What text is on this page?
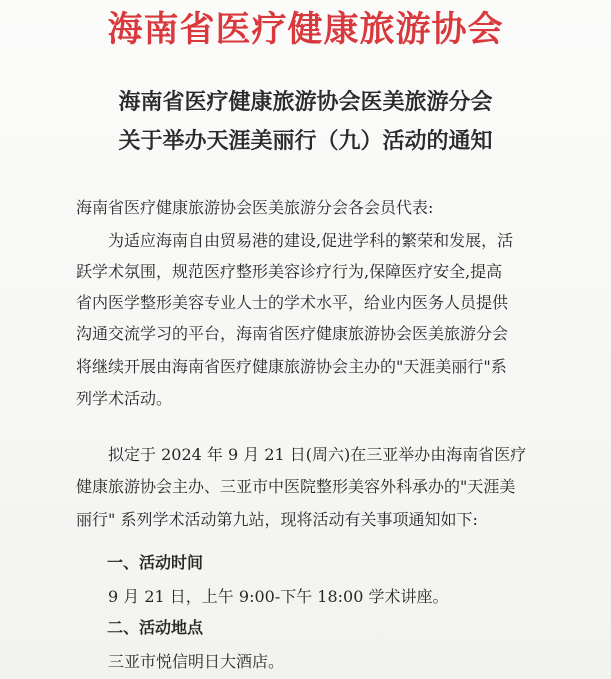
海南省医疗健康旅游协会
海南省医疗健康旅游协会医美旅游分会
关于举办天涯美丽行（九）活动的通知
海南省医疗健康旅游协会医美旅游分会各会员代表:
为适应海南自由贸易港的建设,促进学科的繁荣和发展，活
跃学术氛围，规范医疗整形美容诊疗行为,保障医疗安全,提高
省内医学整形美容专业人士的学术水平，给业内医务人员提供
沟通交流学习的平台，海南省医疗健康旅游协会医美旅游分会
将继续开展由海南省医疗健康旅游协会主办的"天涯美丽行"系
列学术活动。
拟定于 2024 年 9 月 21 日(周六)在三亚举办由海南省医疗
健康旅游协会主办、三亚市中医院整形美容外科承办的"天涯美
丽行" 系列学术活动第九站，现将活动有关事项通知如下:
一、活动时间
9 月 21 日，上午 9:00-下午 18:00 学术讲座。
二、活动地点
三亚市悦信明日大酒店。
